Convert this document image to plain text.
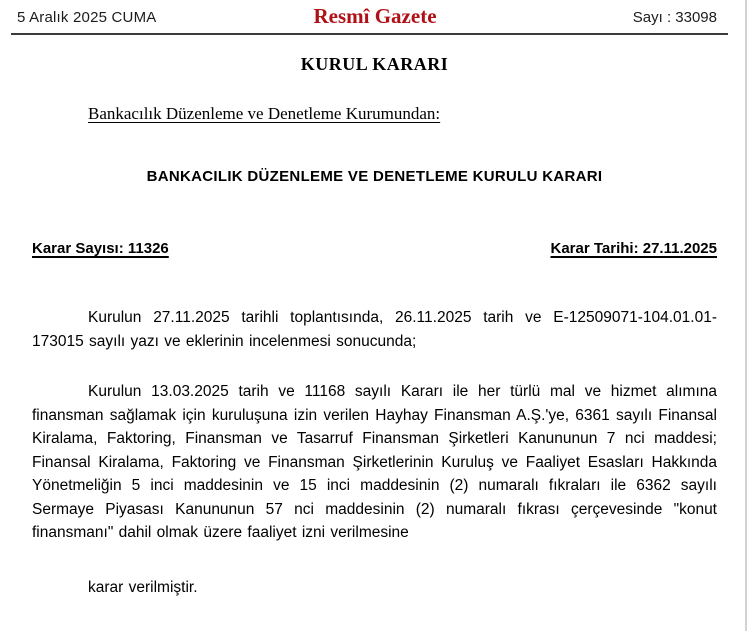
5 Aralık 2025 CUMA	Resmî Gazete	Sayı : 33098
KURUL KARARI
Bankacılık Düzenleme ve Denetleme Kurumundan:
BANKACILIK DÜZENLEME VE DENETLEME KURULU KARARI
Karar Sayısı: 11326	Karar Tarihi: 27.11.2025

Kurulun 27.11.2025 tarihli toplantısında, 26.11.2025 tarih ve E-12509071-104.01.01-173015 sayılı yazı ve eklerinin incelenmesi sonucunda;

Kurulun 13.03.2025 tarih ve 11168 sayılı Kararı ile her türlü mal ve hizmet alımına finansman sağlamak için kuruluşuna izin verilen Hayhay Finansman A.Ş.'ye, 6361 sayılı Finansal Kiralama, Faktoring, Finansman ve Tasarruf Finansman Şirketleri Kanununun 7 nci maddesi; Finansal Kiralama, Faktoring ve Finansman Şirketlerinin Kuruluş ve Faaliyet Esasları Hakkında Yönetmeliğin 5 inci maddesinin ve 15 inci maddesinin (2) numaralı fıkraları ile 6362 sayılı Sermaye Piyasası Kanununun 57 nci maddesinin (2) numaralı fıkrası çerçevesinde "konut finansmanı" dahil olmak üzere faaliyet izni verilmesine

karar verilmiştir.
